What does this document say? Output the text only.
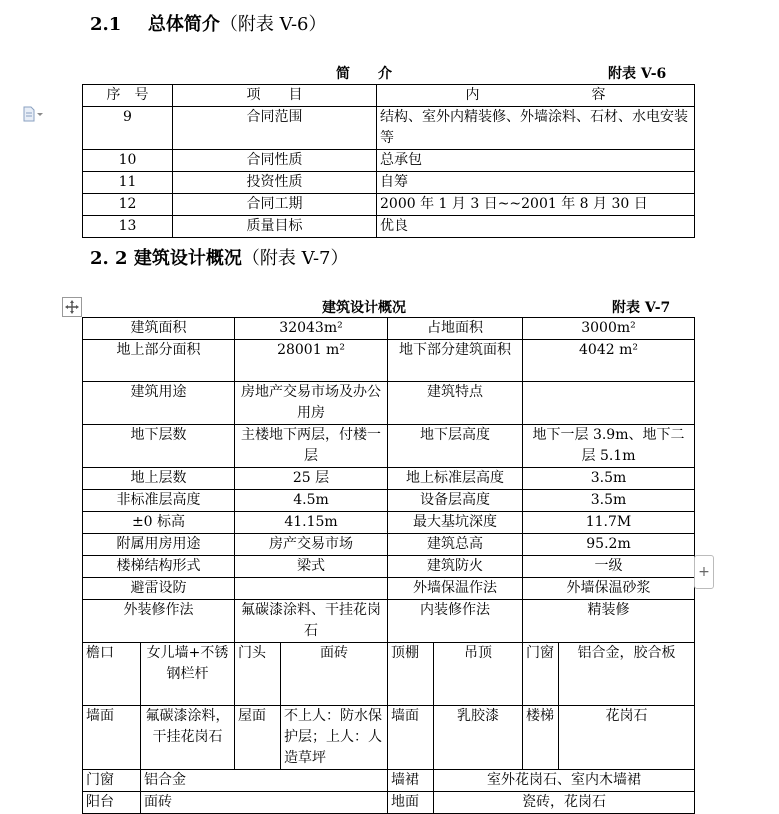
2.1 总体简介（附表 V-6）
简　　介	附表 V-6
序　号	项　　目	内　　　　　　　　容
9	合同范围	结构、室外内精装修、外墙涂料、石材、水电安装等
10	合同性质	总承包
11	投资性质	自筹
12	合同工期	2000 年 1 月 3 日~~2001 年 8 月 30 日
13	质量目标	优良
2. 2 建筑设计概况（附表 V-7）
建筑设计概况	附表 V-7
建筑面积		32043m²		占地面积		3000m²	
地上部分面积		28001 m²		地下部分建筑面积		4042 m²	
建筑用途		房地产交易市场及办公用房		建筑特点			
地下层数		主楼地下两层，付楼一层		地下层高度		地下一层 3.9m、地下二层 5.1m	
地上层数		25 层		地上标准层高度		3.5m	
非标准层高度		4.5m		设备层高度		3.5m	
±0 标高		41.15m		最大基坑深度		11.7M	
附属用房用途		房产交易市场		建筑总高		95.2m	
楼梯结构形式		梁式		建筑防火		一级	
避雷设防				外墙保温作法		外墙保温砂浆	
外装修作法		氟碳漆涂料、干挂花岗石		内装修作法		精装修	
檐口	女儿墙+不锈钢栏杆	门头	面砖	顶棚	吊顶	门窗	铝合金，胶合板
墙面	氟碳漆涂料，干挂花岗石	屋面	不上人：防水保护层；上人：人造草坪	墙面	乳胶漆	楼梯	花岗石
门窗	铝合金			墙裙	室外花岗石、室内木墙裙		
阳台	面砖			地面	瓷砖，花岗石		
+
